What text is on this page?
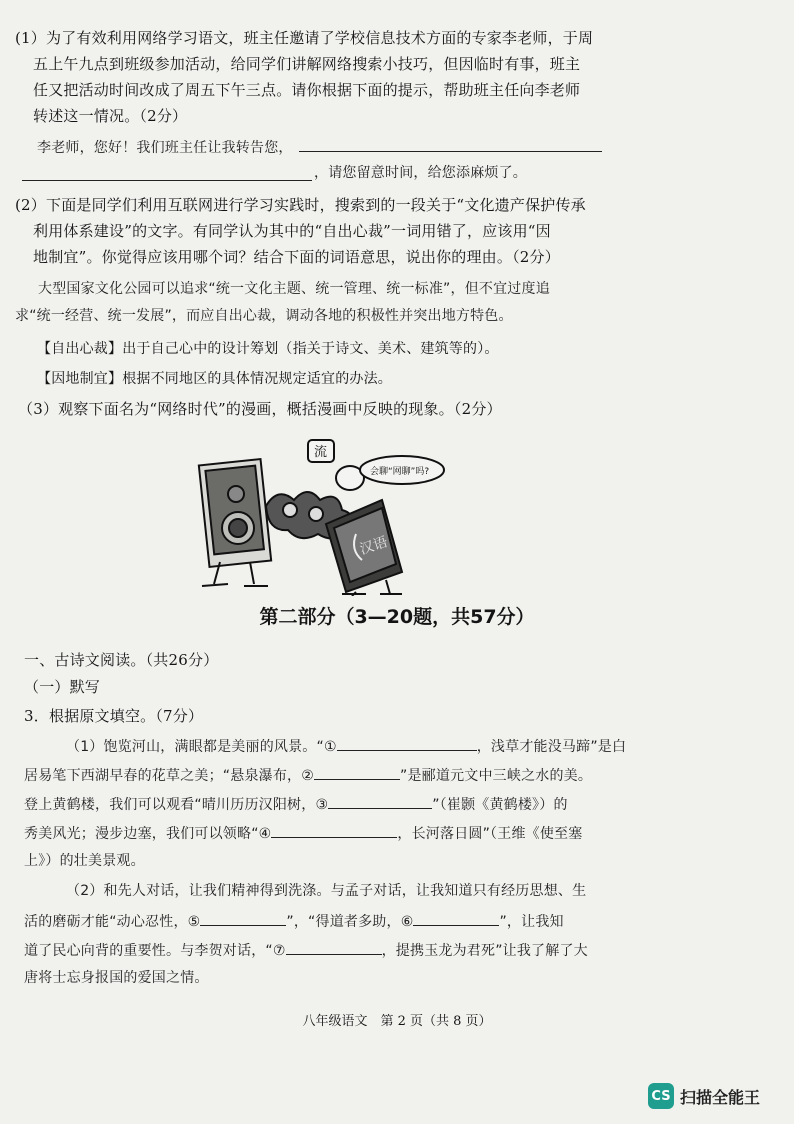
(1）为了有效利用网络学习语文，班主任邀请了学校信息技术方面的专家李老师，于周
五上午九点到班级参加活动，给同学们讲解网络搜索小技巧，但因临时有事，班主
任又把活动时间改成了周五下午三点。请你根据下面的提示，帮助班主任向李老师
转述这一情况。（2分）
李老师，您好！我们班主任让我转告您，
，请您留意时间，给您添麻烦了。
(2）下面是同学们利用互联网进行学习实践时，搜索到的一段关于“文化遗产保护传承
利用体系建设”的文字。有同学认为其中的“自出心裁”一词用错了，应该用“因
地制宜”。你觉得应该用哪个词？结合下面的词语意思，说出你的理由。（2分）
大型国家文化公园可以追求“统一文化主题、统一管理、统一标准”，但不宜过度追
求“统一经营、统一发展”，而应自出心裁，调动各地的积极性并突出地方特色。
【自出心裁】出于自己心中的设计筹划（指关于诗文、美术、建筑等的）。
【因地制宜】根据不同地区的具体情况规定适宜的办法。
（3）观察下面名为“网络时代”的漫画，概括漫画中反映的现象。（2分）
流
会聊“网聊”吗?
汉语
第二部分（3—20题，共57分）
一、古诗文阅读。（共26分）
（一）默写
3．根据原文填空。（7分）
（1）饱览河山，满眼都是美丽的风景。“①	，浅草才能没马蹄”是白
居易笔下西湖早春的花草之美；“悬泉瀑布，②	”是郦道元文中三峡之水的美。
登上黄鹤楼，我们可以观看“晴川历历汉阳树，③	”（崔颢《黄鹤楼》）的
秀美风光；漫步边塞，我们可以领略“④	，长河落日圆”（王维《使至塞
上》）的壮美景观。
（2）和先人对话，让我们精神得到洗涤。与孟子对话，让我知道只有经历思想、生
活的磨砺才能“动心忍性，⑤	”，“得道者多助，⑥	”，让我知
道了民心向背的重要性。与李贺对话，“⑦	，提携玉龙为君死”让我了解了大
唐将士忘身报国的爱国之情。
八年级语文　第 2 页（共 8 页）
CS 扫描全能王
